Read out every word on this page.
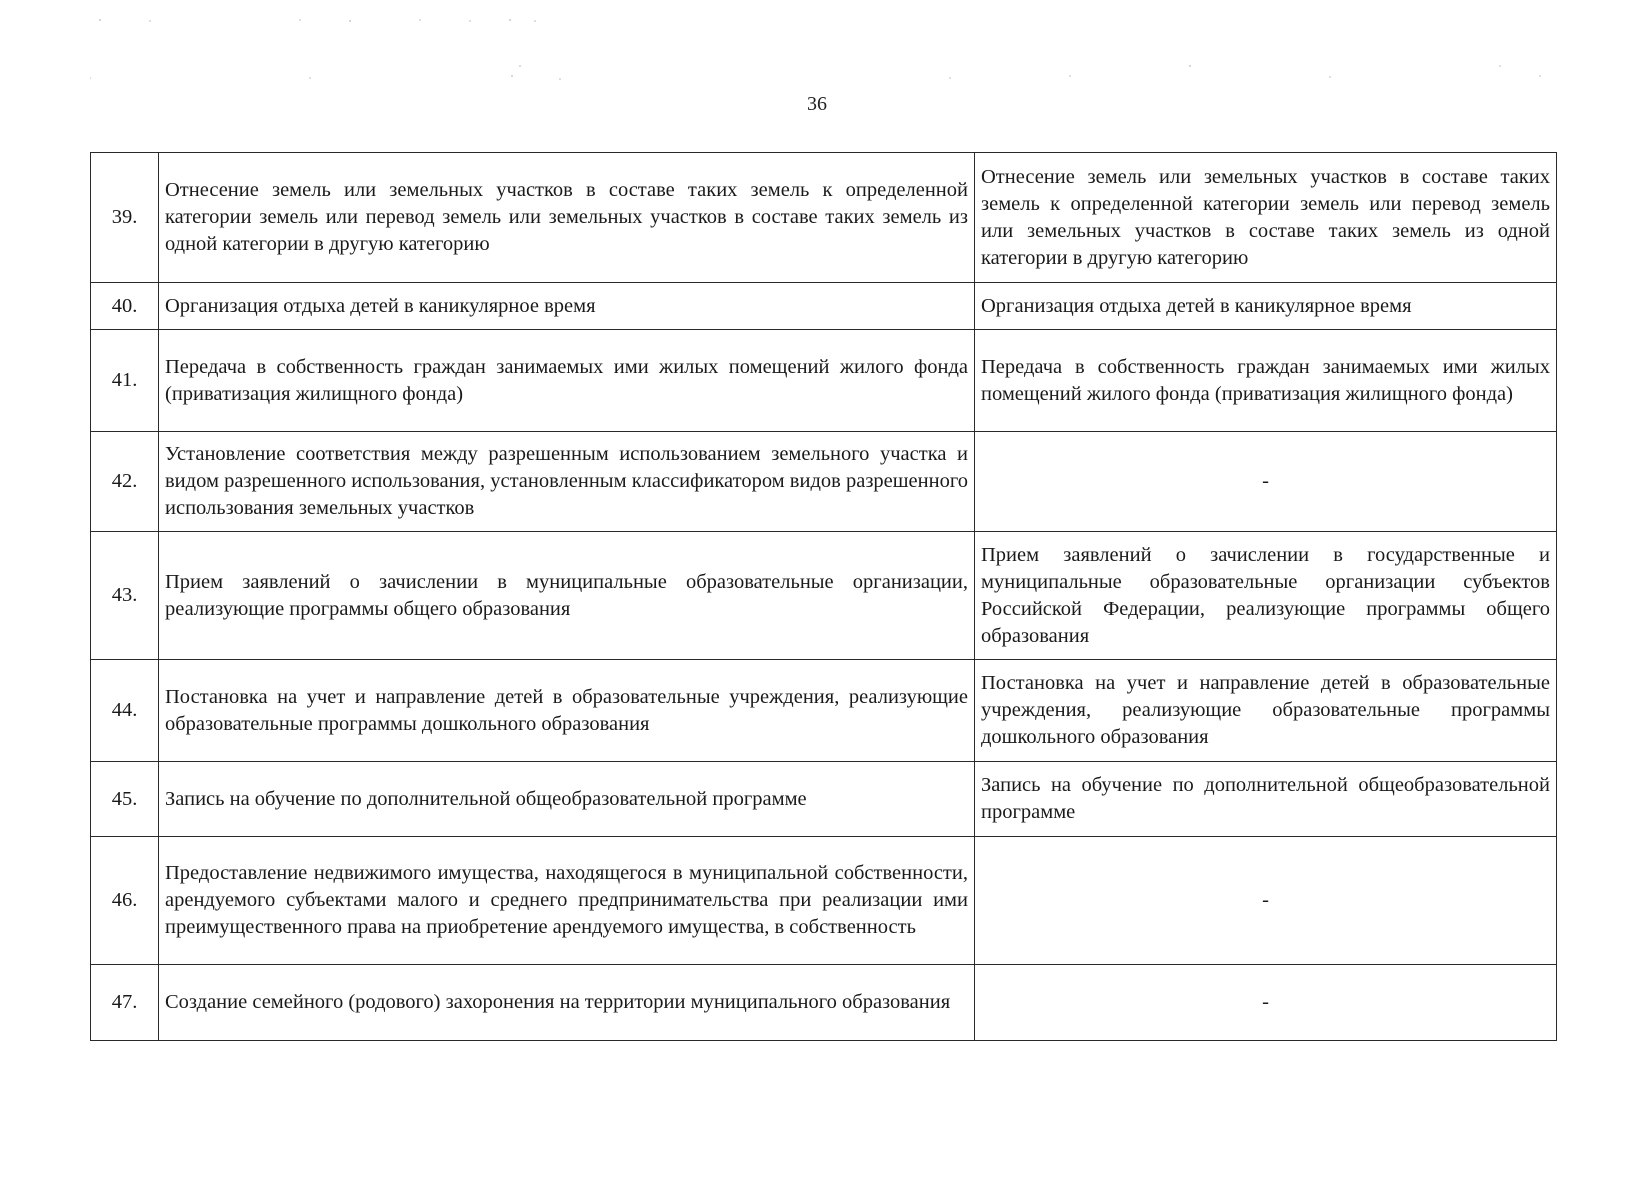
36
39.	Отнесение земель или земельных участков в составе таких земель к определенной категории земель или перевод земель или земельных участков в составе таких земель из одной категории в другую категорию	Отнесение земель или земельных участков в составе таких земель к определенной категории земель или перевод земель или земельных участков в составе таких земель из одной категории в другую категорию

40.	Организация отдыха детей в каникулярное время	Организация отдыха детей в каникулярное время

41.	Передача в собственность граждан занимаемых ими жилых помещений жилого фонда (приватизация жилищного фонда)	Передача в собственность граждан занимаемых ими жилых помещений жилого фонда (приватизация жилищного фонда)

42.	Установление соответствия между разрешенным использованием земельного участка и видом разрешенного использования, установленным классификатором видов разрешенного использования земельных участков	-

43.	Прием заявлений о зачислении в муниципальные образовательные организации, реализующие программы общего образования	Прием заявлений о зачислении в государственные и муниципальные образовательные организации субъектов Российской Федерации, реализующие программы общего образования

44.	Постановка на учет и направление детей в образовательные учреждения, реализующие образовательные программы дошкольного образования	Постановка на учет и направление детей в образовательные учреждения, реализующие образовательные программы дошкольного образования

45.	Запись на обучение по дополнительной общеобразовательной программе	Запись на обучение по дополнительной общеобразовательной программе

46.	Предоставление недвижимого имущества, находящегося в муниципальной собственности, арендуемого субъектами малого и среднего предпринимательства при реализации ими преимущественного права на приобретение арендуемого имущества, в собственность	-

47.	Создание семейного (родового) захоронения на территории муниципального образования	-
